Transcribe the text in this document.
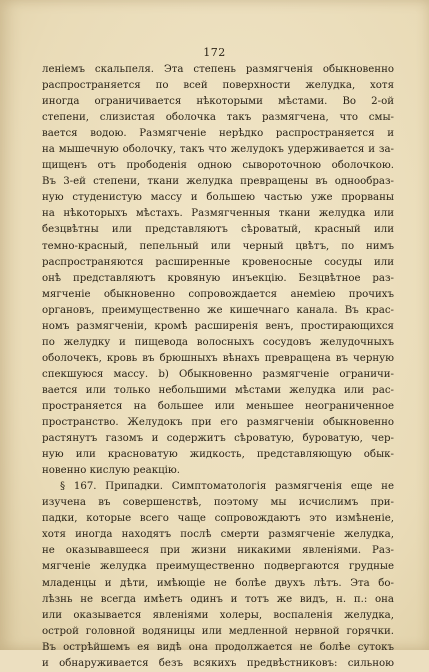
172
леніемъ скальпеля. Эта степень размягченія обыкновенно
распространяется по всей поверхности желудка, хотя
иногда ограничивается нѣкоторыми мѣстами. Во 2-ой
степени, слизистая оболочка такъ размягчена, что смы-
вается водою. Размягченіе нерѣдко распространяется и
на мышечную оболочку, такъ что желудокъ удерживается и за-
щищенъ отъ прободенія одною сывороточною оболочкою.
Въ 3-ей степени, ткани желудка превращены въ однообраз-
ную студенистую массу и большею частью уже прорваны
на нѣкоторыхъ мѣстахъ. Размягченныя ткани желудка или
безцвѣтны или представляютъ сѣроватый, красный или
темно-красный, пепельный или черный цвѣтъ, по нимъ
распространяются расширенные кровеносные сосуды или
онѣ представляютъ кровяную инъекцію. Безцвѣтное раз-
мягченіе обыкновенно сопровождается анеміею прочихъ
органовъ, преимущественно же кишечнаго канала. Въ крас-
номъ размягченіи, кромѣ расширенія венъ, простирающихся
по желудку и пищевода волосныхъ сосудовъ желудочныхъ
оболочекъ, кровь въ брюшныхъ вѣнахъ превращена въ черную
спекшуюся массу. b) Обыкновенно размягченіе ограничи-
вается или только небольшими мѣстами желудка или рас-
пространяется на большее или меньшее неограниченное
пространство. Желудокъ при его размягченіи обыкновенно
растянутъ газомъ и содержитъ сѣроватую, буроватую, чер-
ную или красноватую жидкость, представляющую обык-
новенно кислую реакцію.
§ 167. Припадки. Симптоматологія размягченія еще не
изучена въ совершенствѣ, поэтому мы исчислимъ при-
падки, которые всего чаще сопровождаютъ это измѣненіе,
хотя иногда находятъ послѣ смерти размягченіе желудка,
не оказывавшееся при жизни никакими явленіями. Раз-
мягченіе желудка преимущественно подвергаются грудные
младенцы и дѣти, имѣющіе не болѣе двухъ лѣтъ. Эта бо-
лѣзнь не всегда имѣетъ одинъ и тотъ же видъ, н. п.: она
или оказывается явленіями холеры, воспаленія желудка,
острой головной водяницы или медленной нервной горячки.
Въ острѣйшемъ ея видѣ она продолжается не болѣе сутокъ
и обнаруживается безъ всякихъ предвѣстниковъ: сильною
